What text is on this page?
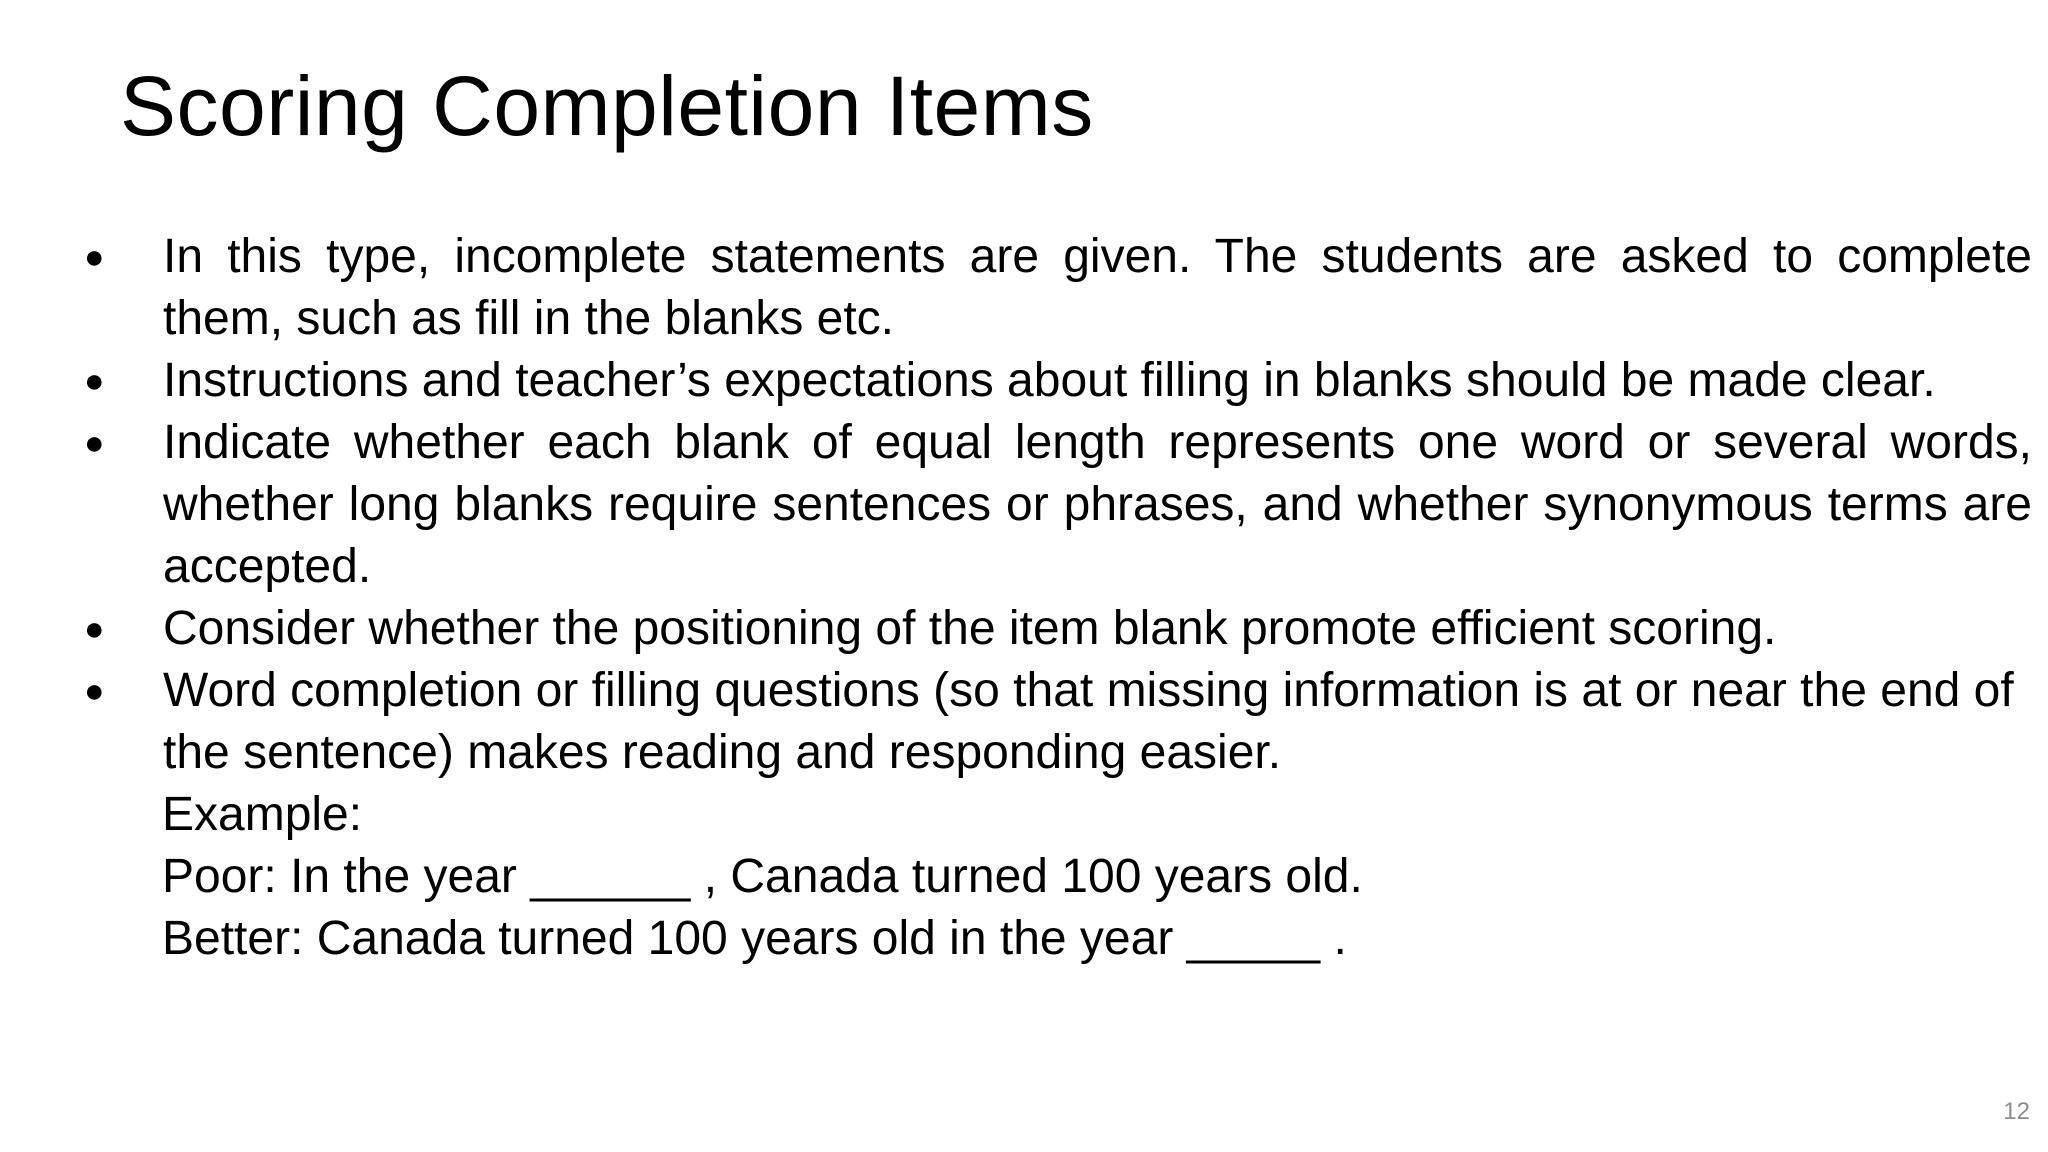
Scoring Completion Items
●	In this type, incomplete statements are given. The students are asked to complete them, such as fill in the blanks etc.
●	Instructions and teacher’s expectations about filling in blanks should be made clear.
●	Indicate whether each blank of equal length represents one word or several words, whether long blanks require sentences or phrases, and whether synonymous terms are accepted.
●	Consider whether the positioning of the item blank promote efficient scoring.
●	Word completion or filling questions (so that missing information is at or near the end of the sentence) makes reading and responding easier.
Example:
Poor: In the year ______ , Canada turned 100 years old.
Better: Canada turned 100 years old in the year _____ .
12
